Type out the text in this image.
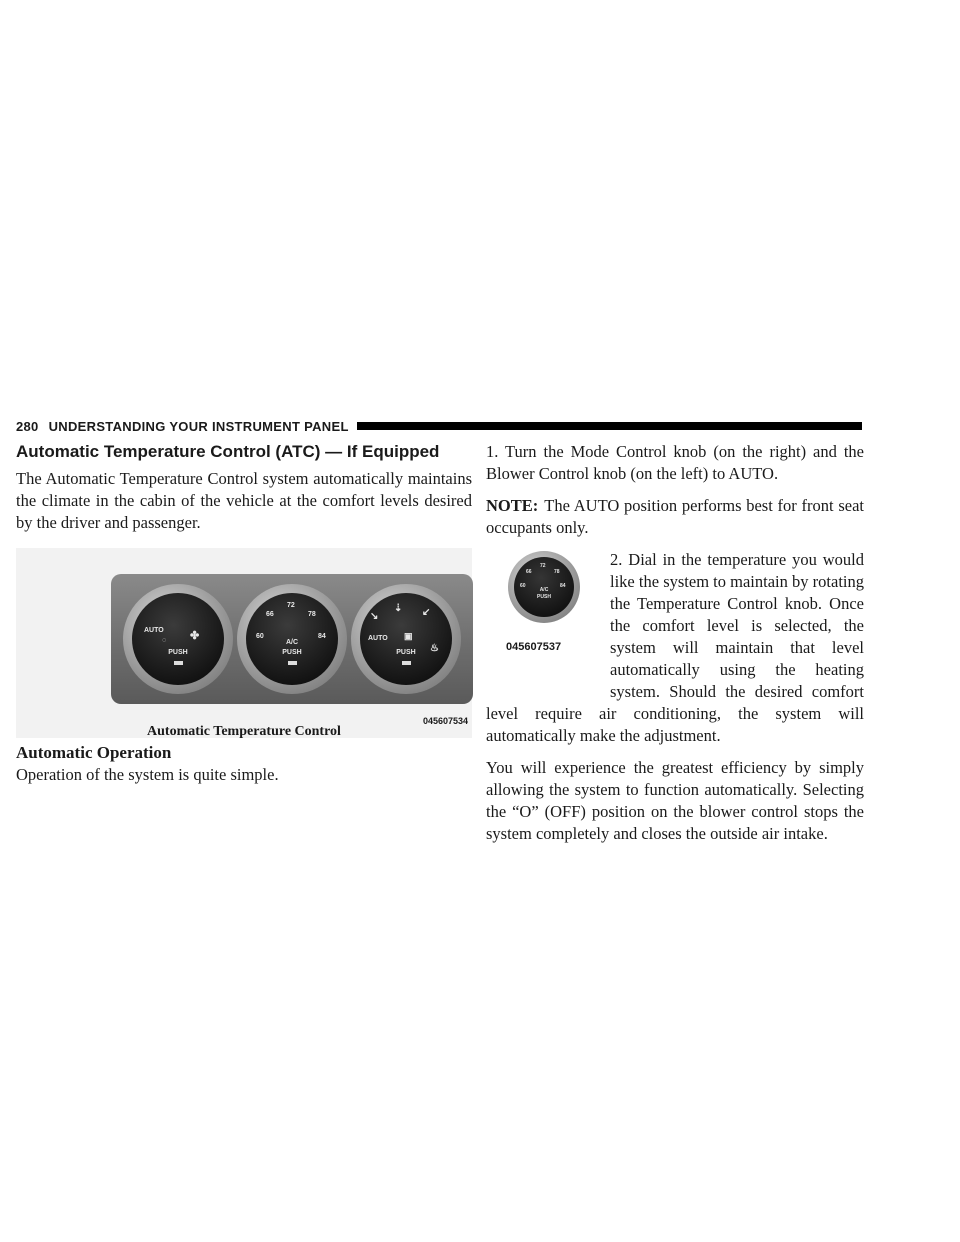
280 UNDERSTANDING YOUR INSTRUMENT PANEL
Automatic Temperature Control (ATC) — If Equipped

The Automatic Temperature Control system automatically maintains the climate in the cabin of the vehicle at the comfort levels desired by the driver and passenger.

AUTO ✤
◌
PUSH
60
66
72
78
84
A/C
PUSH
↘
⇣ ↙
AUTO ▣
♨
PUSH
045607534
Automatic Temperature Control
Automatic Operation

Operation of the system is quite simple.

1. Turn the Mode Control knob (on the right) and the Blower Control knob (on the left) to AUTO.

NOTE: The AUTO position performs best for front seat occupants only.

60
66
72
78
84
A/C
PUSH
045607537

2. Dial in the temperature you would like the system to maintain by rotating the Temperature Control knob. Once the comfort level is selected, the system will maintain that level automatically using the heating system. Should the desired comfort level require air conditioning, the system will automatically make the adjustment.

You will experience the greatest efficiency by simply allowing the system to function automatically. Selecting the “O” (OFF) position on the blower control stops the system completely and closes the outside air intake.
